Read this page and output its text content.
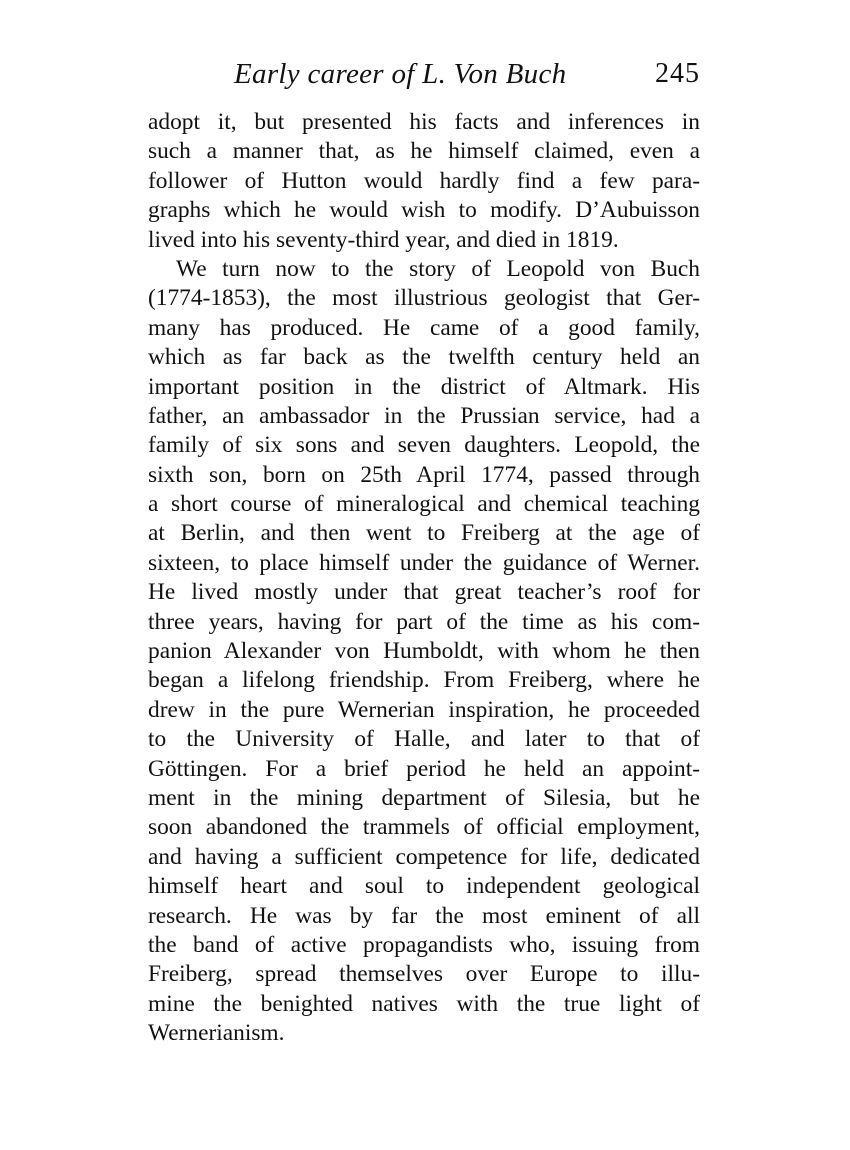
Early career of L. Von Buch	245
adopt it, but presented his facts and inferences in
such a manner that, as he himself claimed, even a
follower of Hutton would hardly find a few para-
graphs which he would wish to modify. D’Aubuisson
lived into his seventy-third year, and died in 1819.
We turn now to the story of Leopold von Buch
(1774-1853), the most illustrious geologist that Ger-
many has produced. He came of a good family,
which as far back as the twelfth century held an
important position in the district of Altmark. His
father, an ambassador in the Prussian service, had a
family of six sons and seven daughters. Leopold, the
sixth son, born on 25th April 1774, passed through
a short course of mineralogical and chemical teaching
at Berlin, and then went to Freiberg at the age of
sixteen, to place himself under the guidance of Werner.
He lived mostly under that great teacher’s roof for
three years, having for part of the time as his com-
panion Alexander von Humboldt, with whom he then
began a lifelong friendship. From Freiberg, where he
drew in the pure Wernerian inspiration, he proceeded
to the University of Halle, and later to that of
Göttingen. For a brief period he held an appoint-
ment in the mining department of Silesia, but he
soon abandoned the trammels of official employment,
and having a sufficient competence for life, dedicated
himself heart and soul to independent geological
research. He was by far the most eminent of all
the band of active propagandists who, issuing from
Freiberg, spread themselves over Europe to illu-
mine the benighted natives with the true light of
Wernerianism.
